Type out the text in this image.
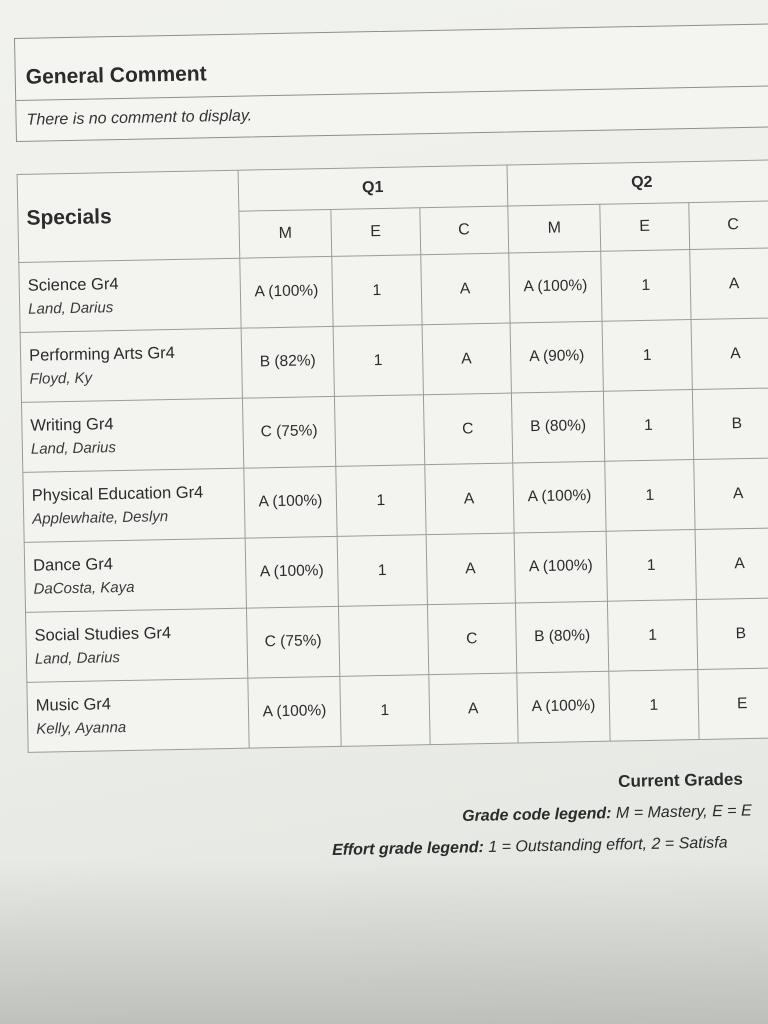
General Comment
There is no comment to display.
Specials	Q1			Q2		
	M	E	C	M	E	C

Science Gr4
Land, Darius	A (100%)	1	A	A (100%)	1	A

Performing Arts Gr4
Floyd, Ky	B (82%)	1	A	A (90%)	1	A

Writing Gr4
Land, Darius	C (75%)		C	B (80%)	1	B

Physical Education Gr4
Applewhaite, Deslyn	A (100%)	1	A	A (100%)	1	A

Dance Gr4
DaCosta, Kaya	A (100%)	1	A	A (100%)	1	A

Social Studies Gr4
Land, Darius	C (75%)		C	B (80%)	1	B

Music Gr4
Kelly, Ayanna	A (100%)	1	A	A (100%)	1	E
Current Grades
Grade code legend: M = Mastery, E = E
Effort grade legend: 1 = Outstanding effort, 2 = Satisfa
